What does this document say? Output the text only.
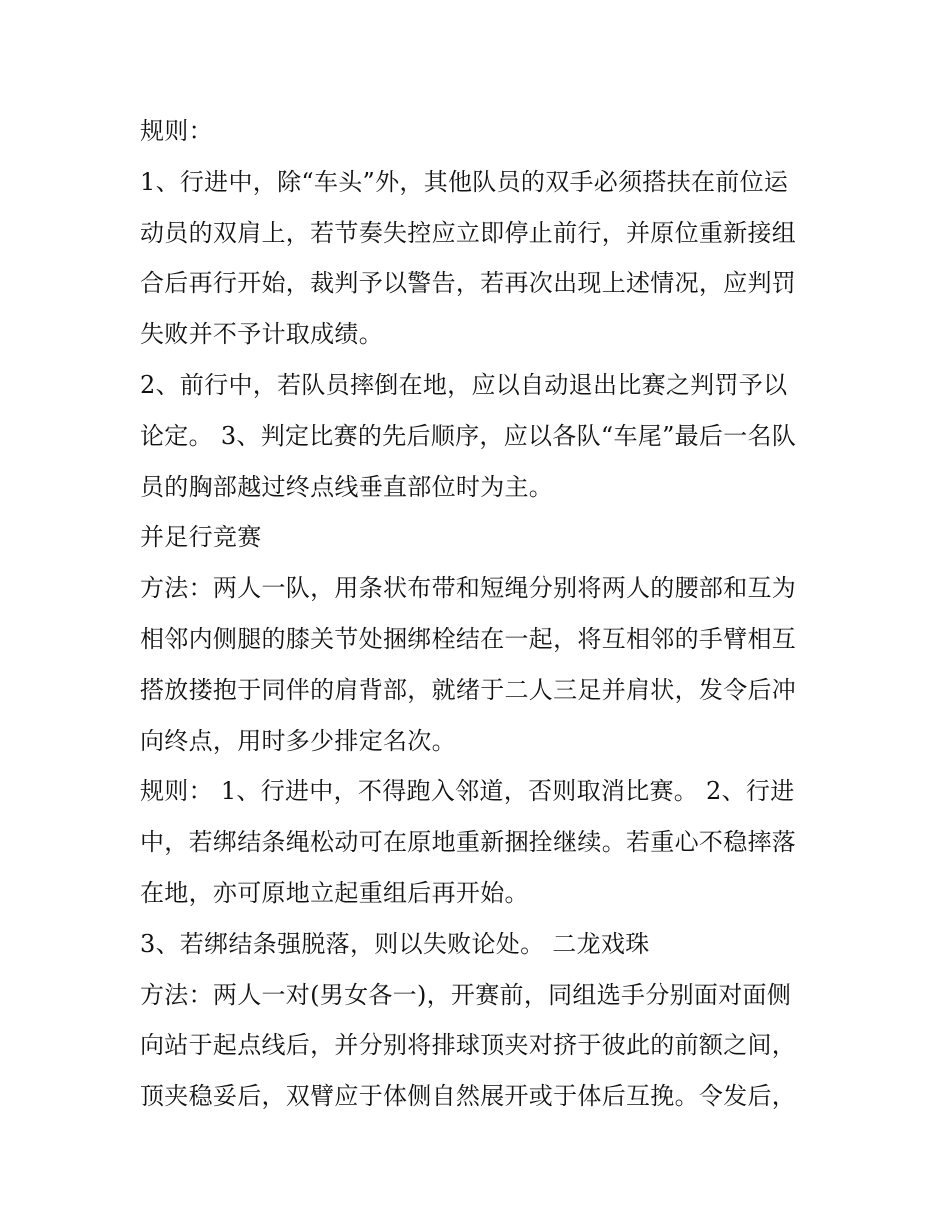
规则：
1、行进中，除“车头”外，其他队员的双手必须搭扶在前位运
动员的双肩上，若节奏失控应立即停止前行，并原位重新接组
合后再行开始，裁判予以警告，若再次出现上述情况，应判罚
失败并不予计取成绩。
2、前行中，若队员摔倒在地，应以自动退出比赛之判罚予以
论定。 3、判定比赛的先后顺序，应以各队“车尾”最后一名队
员的胸部越过终点线垂直部位时为主。
并足行竞赛
方法：两人一队，用条状布带和短绳分别将两人的腰部和互为
相邻内侧腿的膝关节处捆绑栓结在一起，将互相邻的手臂相互
搭放搂抱于同伴的肩背部，就绪于二人三足并肩状，发令后冲
向终点，用时多少排定名次。
规则： 1、行进中，不得跑入邻道，否则取消比赛。 2、行进
中，若绑结条绳松动可在原地重新捆拴继续。若重心不稳摔落
在地，亦可原地立起重组后再开始。
3、若绑结条强脱落，则以失败论处。 二龙戏珠
方法：两人一对(男女各一)，开赛前，同组选手分别面对面侧
向站于起点线后，并分别将排球顶夹对挤于彼此的前额之间，
顶夹稳妥后，双臂应于体侧自然展开或于体后互挽。令发后，
